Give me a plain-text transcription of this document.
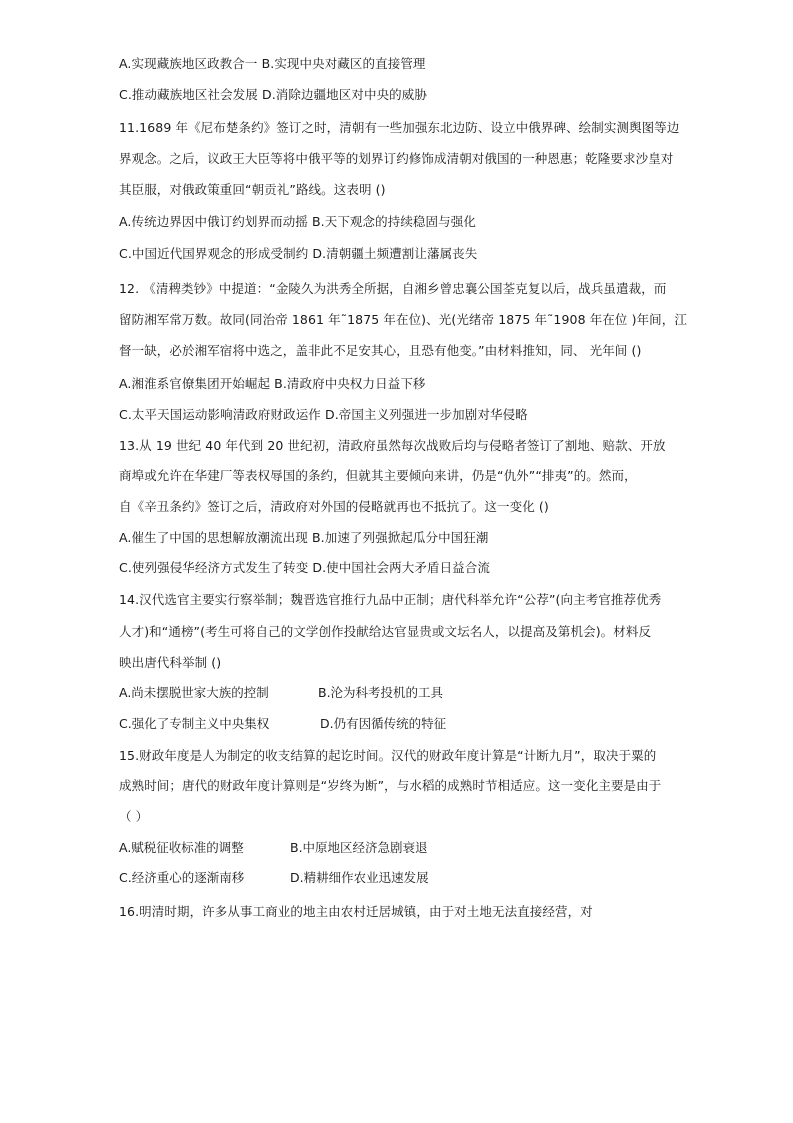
A.实现藏族地区政教合一 B.实现中央对藏区的直接管理
C.推动藏族地区社会发展 D.消除边疆地区对中央的威胁
11.1689 年《尼布楚条约》签订之时，清朝有一些加强东北边防、设立中俄界碑、绘制实测舆图等边
界观念。之后，议政王大臣等将中俄平等的划界订约修饰成清朝对俄国的一种恩惠；乾隆要求沙皇对
其臣服，对俄政策重回“朝贡礼”路线。这表明 ()
A.传统边界因中俄订约划界而动摇 B.天下观念的持续稳固与强化
C.中国近代国界观念的形成受制约 D.清朝疆土频遭割让藩属丧失
12. 《清稗类钞》中提道：“金陵久为洪秀全所据，自湘乡曾忠襄公国荃克复以后，战兵虽遣裁，而
留防湘军常万数。故同(同治帝 1861 年˜1875 年在位)、光(光绪帝 1875 年˜1908 年在位 )年间，江
督一缺，必於湘军宿将中选之，盖非此不足安其心，且恐有他变。”由材料推知，同、 光年间 ()
A.湘淮系官僚集团开始崛起 B.清政府中央权力日益下移
C.太平天国运动影响清政府财政运作 D.帝国主义列强进一步加剧对华侵略
13.从 19 世纪 40 年代到 20 世纪初，清政府虽然每次战败后均与侵略者签订了割地、赔款、开放
商埠或允许在华建厂等表权辱国的条约，但就其主要倾向来讲，仍是“仇外”“排夷”的。然而，
自《辛丑条约》签订之后，清政府对外国的侵略就再也不抵抗了。这一变化 ()
A.催生了中国的思想解放潮流出现 B.加速了列强掀起瓜分中国狂潮
C.使列强侵华经济方式发生了转变 D.使中国社会两大矛盾日益合流
14.汉代选官主要实行察举制；魏晋选官推行九品中正制；唐代科举允许“公荐”(向主考官推荐优秀
人才)和“通榜”(考生可将自己的文学创作投献给达官显贵或文坛名人，以提高及第机会)。材料反
映出唐代科举制 ()
A.尚未摆脱世家大族的控制	B.沦为科考投机的工具
C.强化了专制主义中央集权	D.仍有因循传统的特征
15.财政年度是人为制定的收支结算的起讫时间。汉代的财政年度计算是“计断九月”，取决于粟的
成熟时间；唐代的财政年度计算则是“岁终为断”，与水稻的成熟时节相适应。这一变化主要是由于
（ ）
A.赋税征收标准的调整	B.中原地区经济急剧衰退
C.经济重心的逐渐南移	D.精耕细作农业迅速发展
16.明清时期，许多从事工商业的地主由农村迁居城镇，由于对土地无法直接经营，对
